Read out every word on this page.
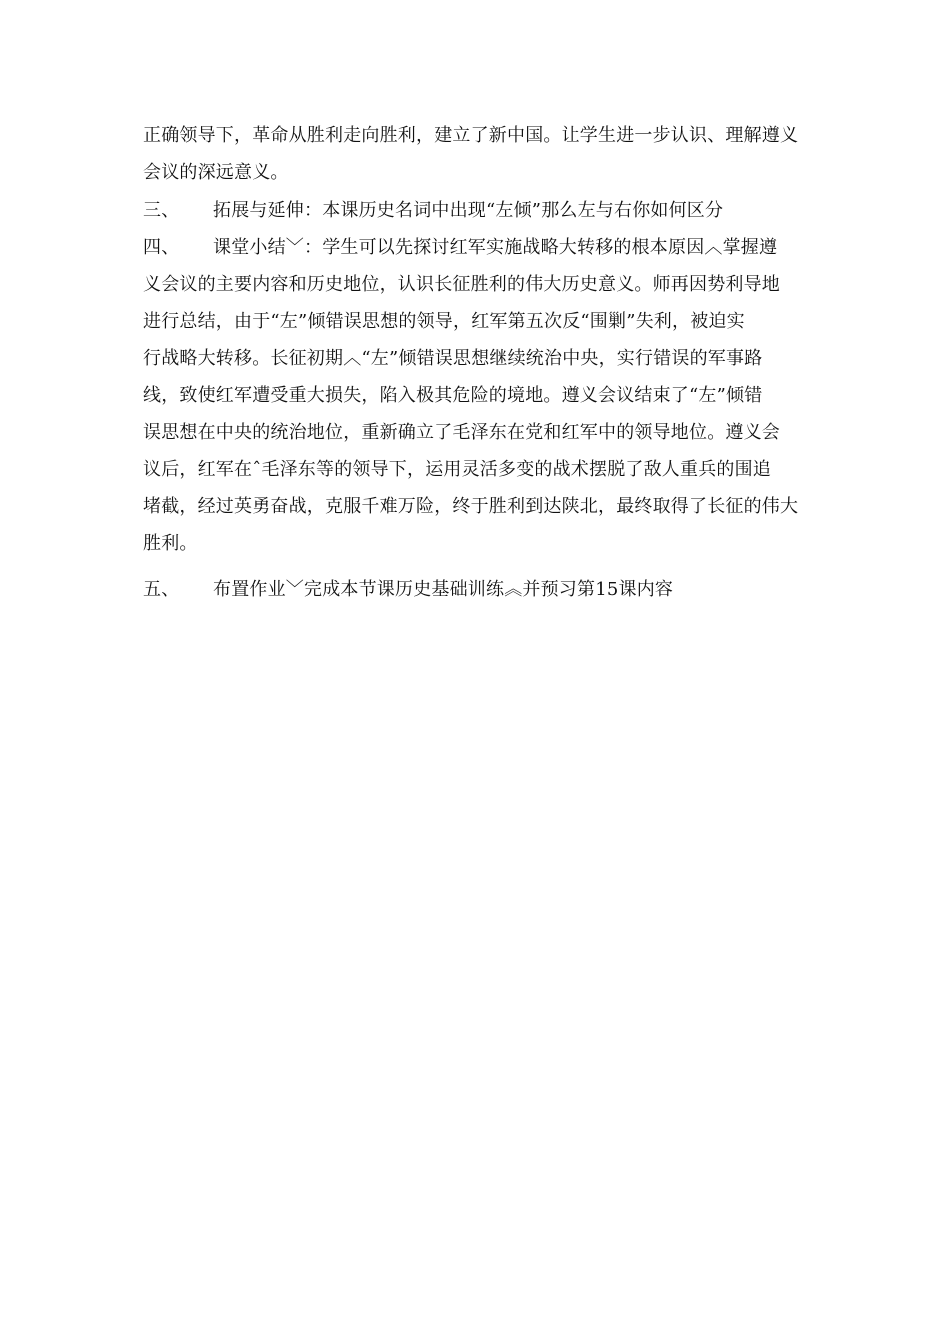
正确领导下，革命从胜利走向胜利，建立了新中国。让学生进一步认识、理解遵义
会议的深远意义。
三、 拓展与延伸：本课历史名词中出现“左倾”那么左与右你如何区分
四、 课堂小结﹀：学生可以先探讨红军实施战略大转移的根本原因︿掌握遵
义会议的主要内容和历史地位，认识长征胜利的伟大历史意义。师再因势利导地
进行总结，由于“左”倾错误思想的领导，红军第五次反“围剿”失利，被迫实
行战略大转移。长征初期︿“左”倾错误思想继续统治中央，实行错误的军事路
线，致使红军遭受重大损失，陷入极其危险的境地。遵义会议结束了“左”倾错
误思想在中央的统治地位，重新确立了毛泽东在党和红军中的领导地位。遵义会
议后，红军在ˆ毛泽东等的领导下，运用灵活多变的战术摆脱了敌人重兵的围追
堵截，经过英勇奋战，克服千难万险，终于胜利到达陕北，最终取得了长征的伟大
胜利。
五、 布置作业﹀完成本节课历史基础训练︽并预习第15课内容
